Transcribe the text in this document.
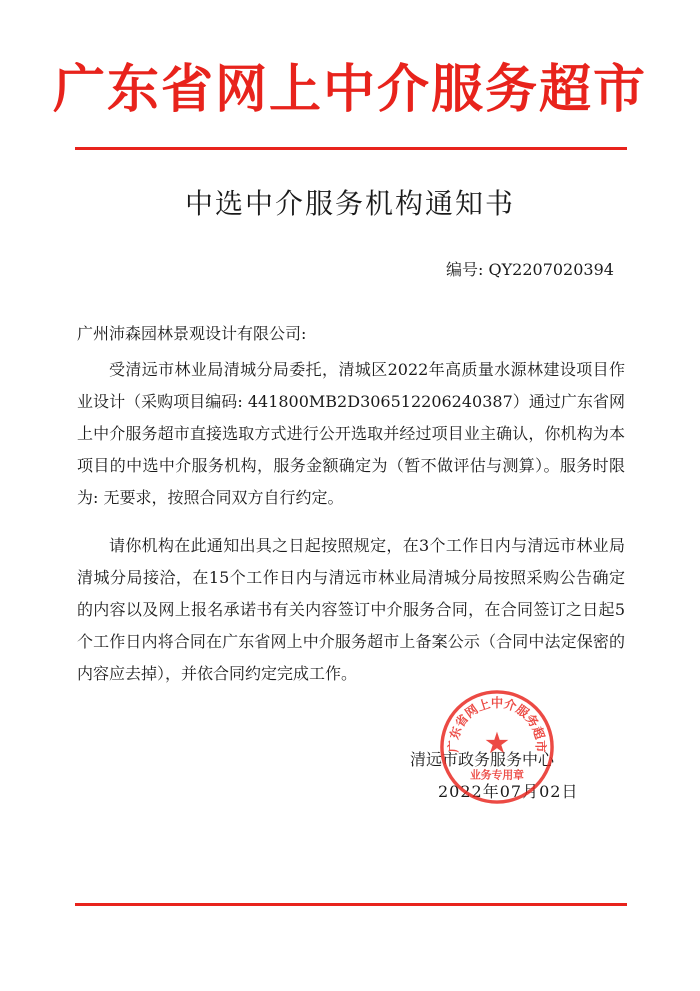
广东省网上中介服务超市
中选中介服务机构通知书
编号: QY2207020394
广州沛森园林景观设计有限公司:

受清远市林业局清城分局委托，清城区2022年高质量水源林建设项目作业设计（采购项目编码: 441800MB2D306512206240387）通过广东省网上中介服务超市直接选取方式进行公开选取并经过项目业主确认，你机构为本项目的中选中介服务机构，服务金额确定为（暂不做评估与测算）。服务时限为: 无要求，按照合同双方自行约定。

请你机构在此通知出具之日起按照规定，在3个工作日内与清远市林业局清城分局接洽，在15个工作日内与清远市林业局清城分局按照采购公告确定的内容以及网上报名承诺书有关内容签订中介服务合同，在合同签订之日起5个工作日内将合同在广东省网上中介服务超市上备案公示（合同中法定保密的内容应去掉），并依合同约定完成工作。

清远市政务服务中心
2022年07月02日
广东省网上中介服务超市
★
业务专用章
